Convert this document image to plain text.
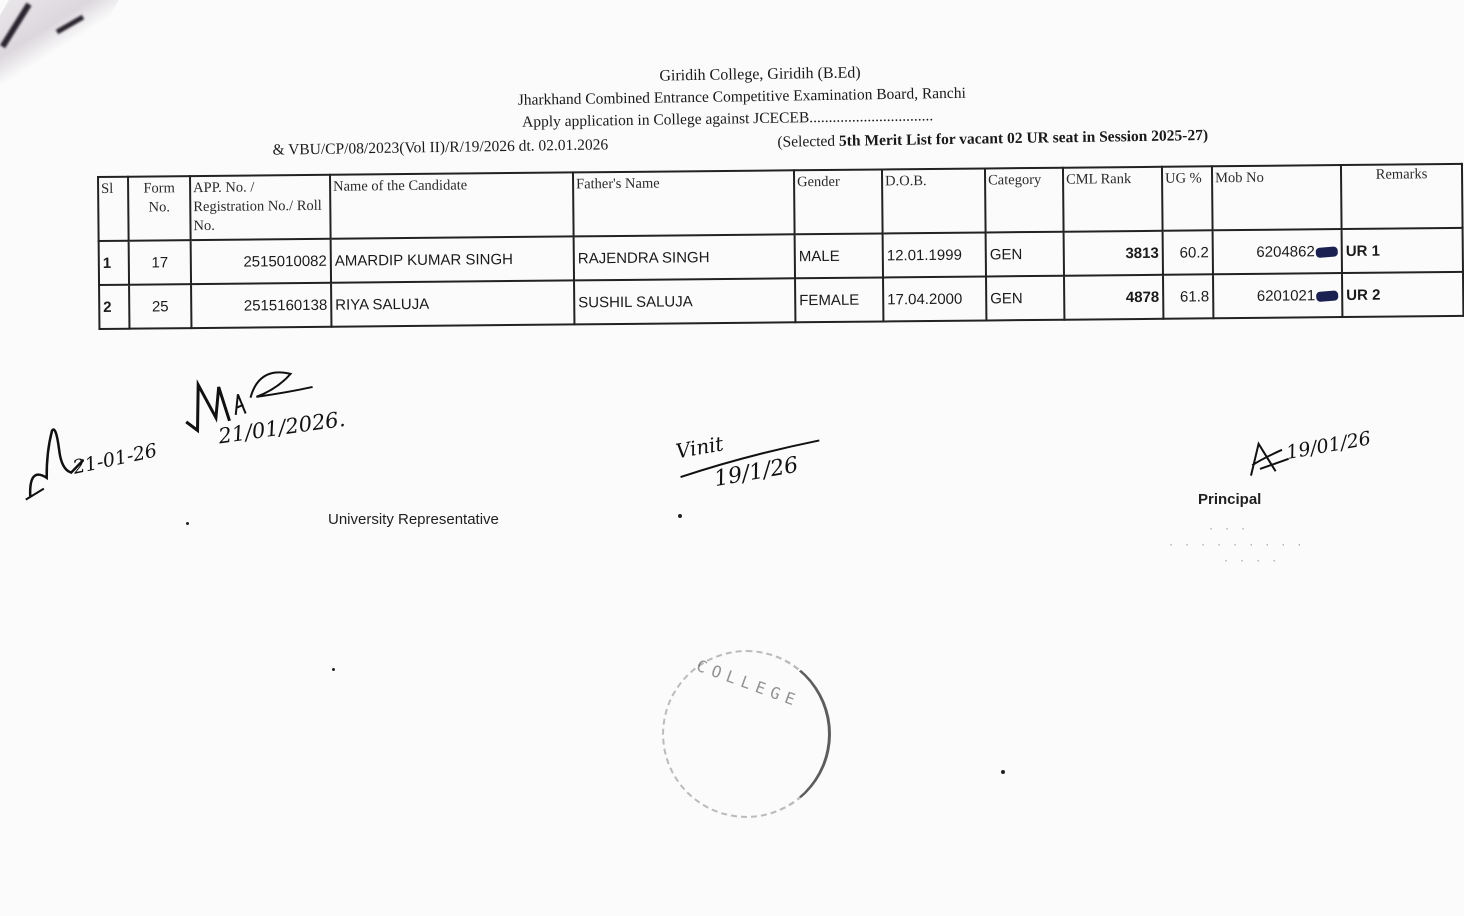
Giridih College, Giridih (B.Ed)
Jharkhand Combined Entrance Competitive Examination Board, Ranchi
Apply application in College against JCECEB................................
& VBU/CP/08/2023(Vol II)/R/19/2026 dt. 02.01.2026	(Selected 5th Merit List for vacant 02 UR seat in Session 2025-27)
Sl	Form No.	APP. No. / Registration No./ Roll No.	Name of the Candidate	Father's Name	Gender	D.O.B.	Category	CML Rank	UG %	Mob No	Remarks
1	17	2515010082	AMARDIP KUMAR SINGH	RAJENDRA SINGH	MALE	12.01.1999	GEN	3813	60.2	6204862	UR 1
2	25	2515160138	RIYA SALUJA	SUSHIL SALUJA	FEMALE	17.04.2000	GEN	4878	61.8	6201021	UR 2
21-01-26
21/01/2026.
University Representative
Vinit
19/1/26
19/01/26
Principal
· · ·
· · · · · · · · ·
· · · ·
COLLEGE
